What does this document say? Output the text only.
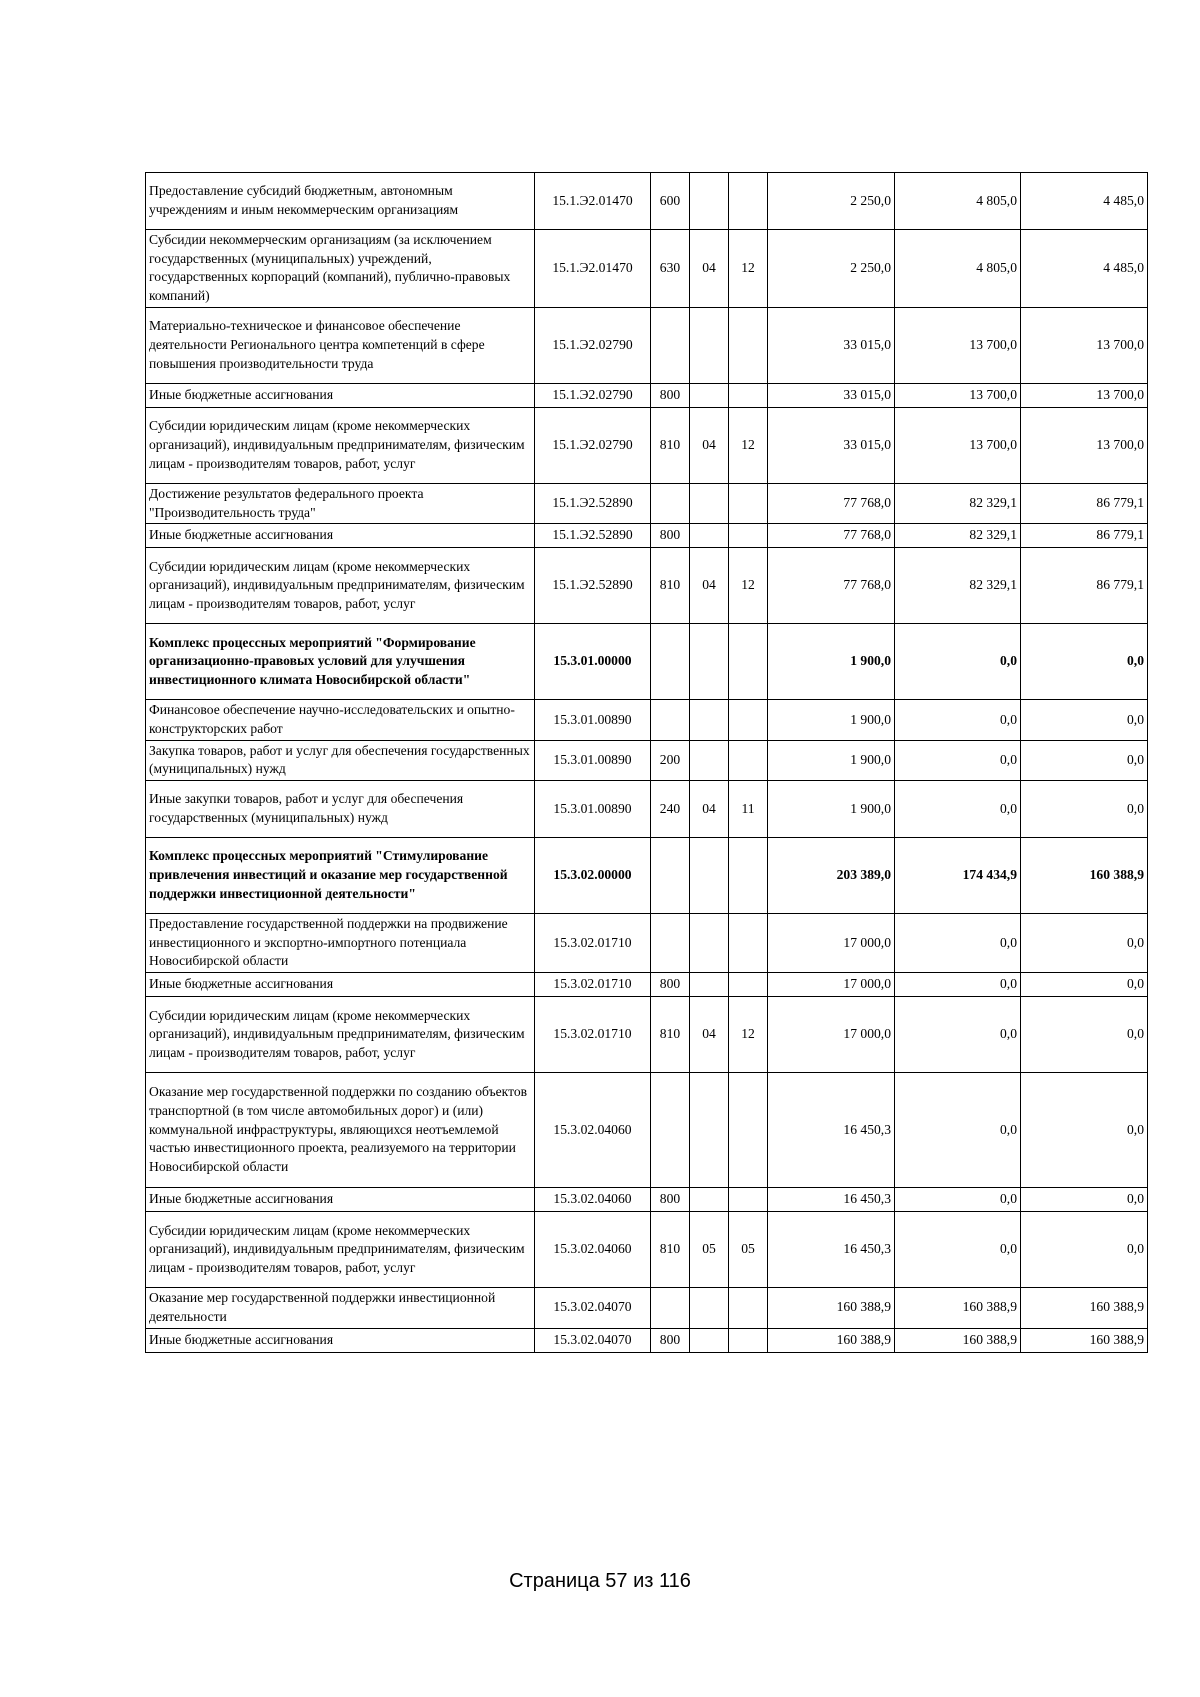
Предоставление субсидий бюджетным, автономным учреждениям и иным некоммерческим организациям	15.1.Э2.01470	600			2 250,0	4 805,0	4 485,0
Субсидии некоммерческим организациям (за исключением государственных (муниципальных) учреждений, государственных корпораций (компаний), публично-правовых компаний)	15.1.Э2.01470	630	04	12	2 250,0	4 805,0	4 485,0
Материально-техническое и финансовое обеспечение деятельности Регионального центра компетенций в сфере повышения производительности труда	15.1.Э2.02790				33 015,0	13 700,0	13 700,0
Иные бюджетные ассигнования	15.1.Э2.02790	800			33 015,0	13 700,0	13 700,0
Субсидии юридическим лицам (кроме некоммерческих организаций), индивидуальным предпринимателям, физическим лицам - производителям товаров, работ, услуг	15.1.Э2.02790	810	04	12	33 015,0	13 700,0	13 700,0
Достижение результатов федерального проекта "Производительность труда"	15.1.Э2.52890				77 768,0	82 329,1	86 779,1
Иные бюджетные ассигнования	15.1.Э2.52890	800			77 768,0	82 329,1	86 779,1
Субсидии юридическим лицам (кроме некоммерческих организаций), индивидуальным предпринимателям, физическим лицам - производителям товаров, работ, услуг	15.1.Э2.52890	810	04	12	77 768,0	82 329,1	86 779,1
Комплекс процессных мероприятий "Формирование организационно-правовых условий для улучшения инвестиционного климата Новосибирской области"	15.3.01.00000				1 900,0	0,0	0,0
Финансовое обеспечение научно-исследовательских и опытно-конструкторских работ	15.3.01.00890				1 900,0	0,0	0,0
Закупка товаров, работ и услуг для обеспечения государственных (муниципальных) нужд	15.3.01.00890	200			1 900,0	0,0	0,0
Иные закупки товаров, работ и услуг для обеспечения государственных (муниципальных) нужд	15.3.01.00890	240	04	11	1 900,0	0,0	0,0
Комплекс процессных мероприятий "Стимулирование привлечения инвестиций и оказание мер государственной поддержки инвестиционной деятельности"	15.3.02.00000				203 389,0	174 434,9	160 388,9
Предоставление государственной поддержки на продвижение инвестиционного и экспортно-импортного потенциала Новосибирской области	15.3.02.01710				17 000,0	0,0	0,0
Иные бюджетные ассигнования	15.3.02.01710	800			17 000,0	0,0	0,0
Субсидии юридическим лицам (кроме некоммерческих организаций), индивидуальным предпринимателям, физическим лицам - производителям товаров, работ, услуг	15.3.02.01710	810	04	12	17 000,0	0,0	0,0
Оказание мер государственной поддержки по созданию объектов транспортной (в том числе автомобильных дорог) и (или) коммунальной инфраструктуры, являющихся неотъемлемой частью инвестиционного проекта, реализуемого на территории Новосибирской области	15.3.02.04060				16 450,3	0,0	0,0
Иные бюджетные ассигнования	15.3.02.04060	800			16 450,3	0,0	0,0
Субсидии юридическим лицам (кроме некоммерческих организаций), индивидуальным предпринимателям, физическим лицам - производителям товаров, работ, услуг	15.3.02.04060	810	05	05	16 450,3	0,0	0,0
Оказание мер государственной поддержки инвестиционной деятельности	15.3.02.04070				160 388,9	160 388,9	160 388,9
Иные бюджетные ассигнования	15.3.02.04070	800			160 388,9	160 388,9	160 388,9
Страница 57 из 116
